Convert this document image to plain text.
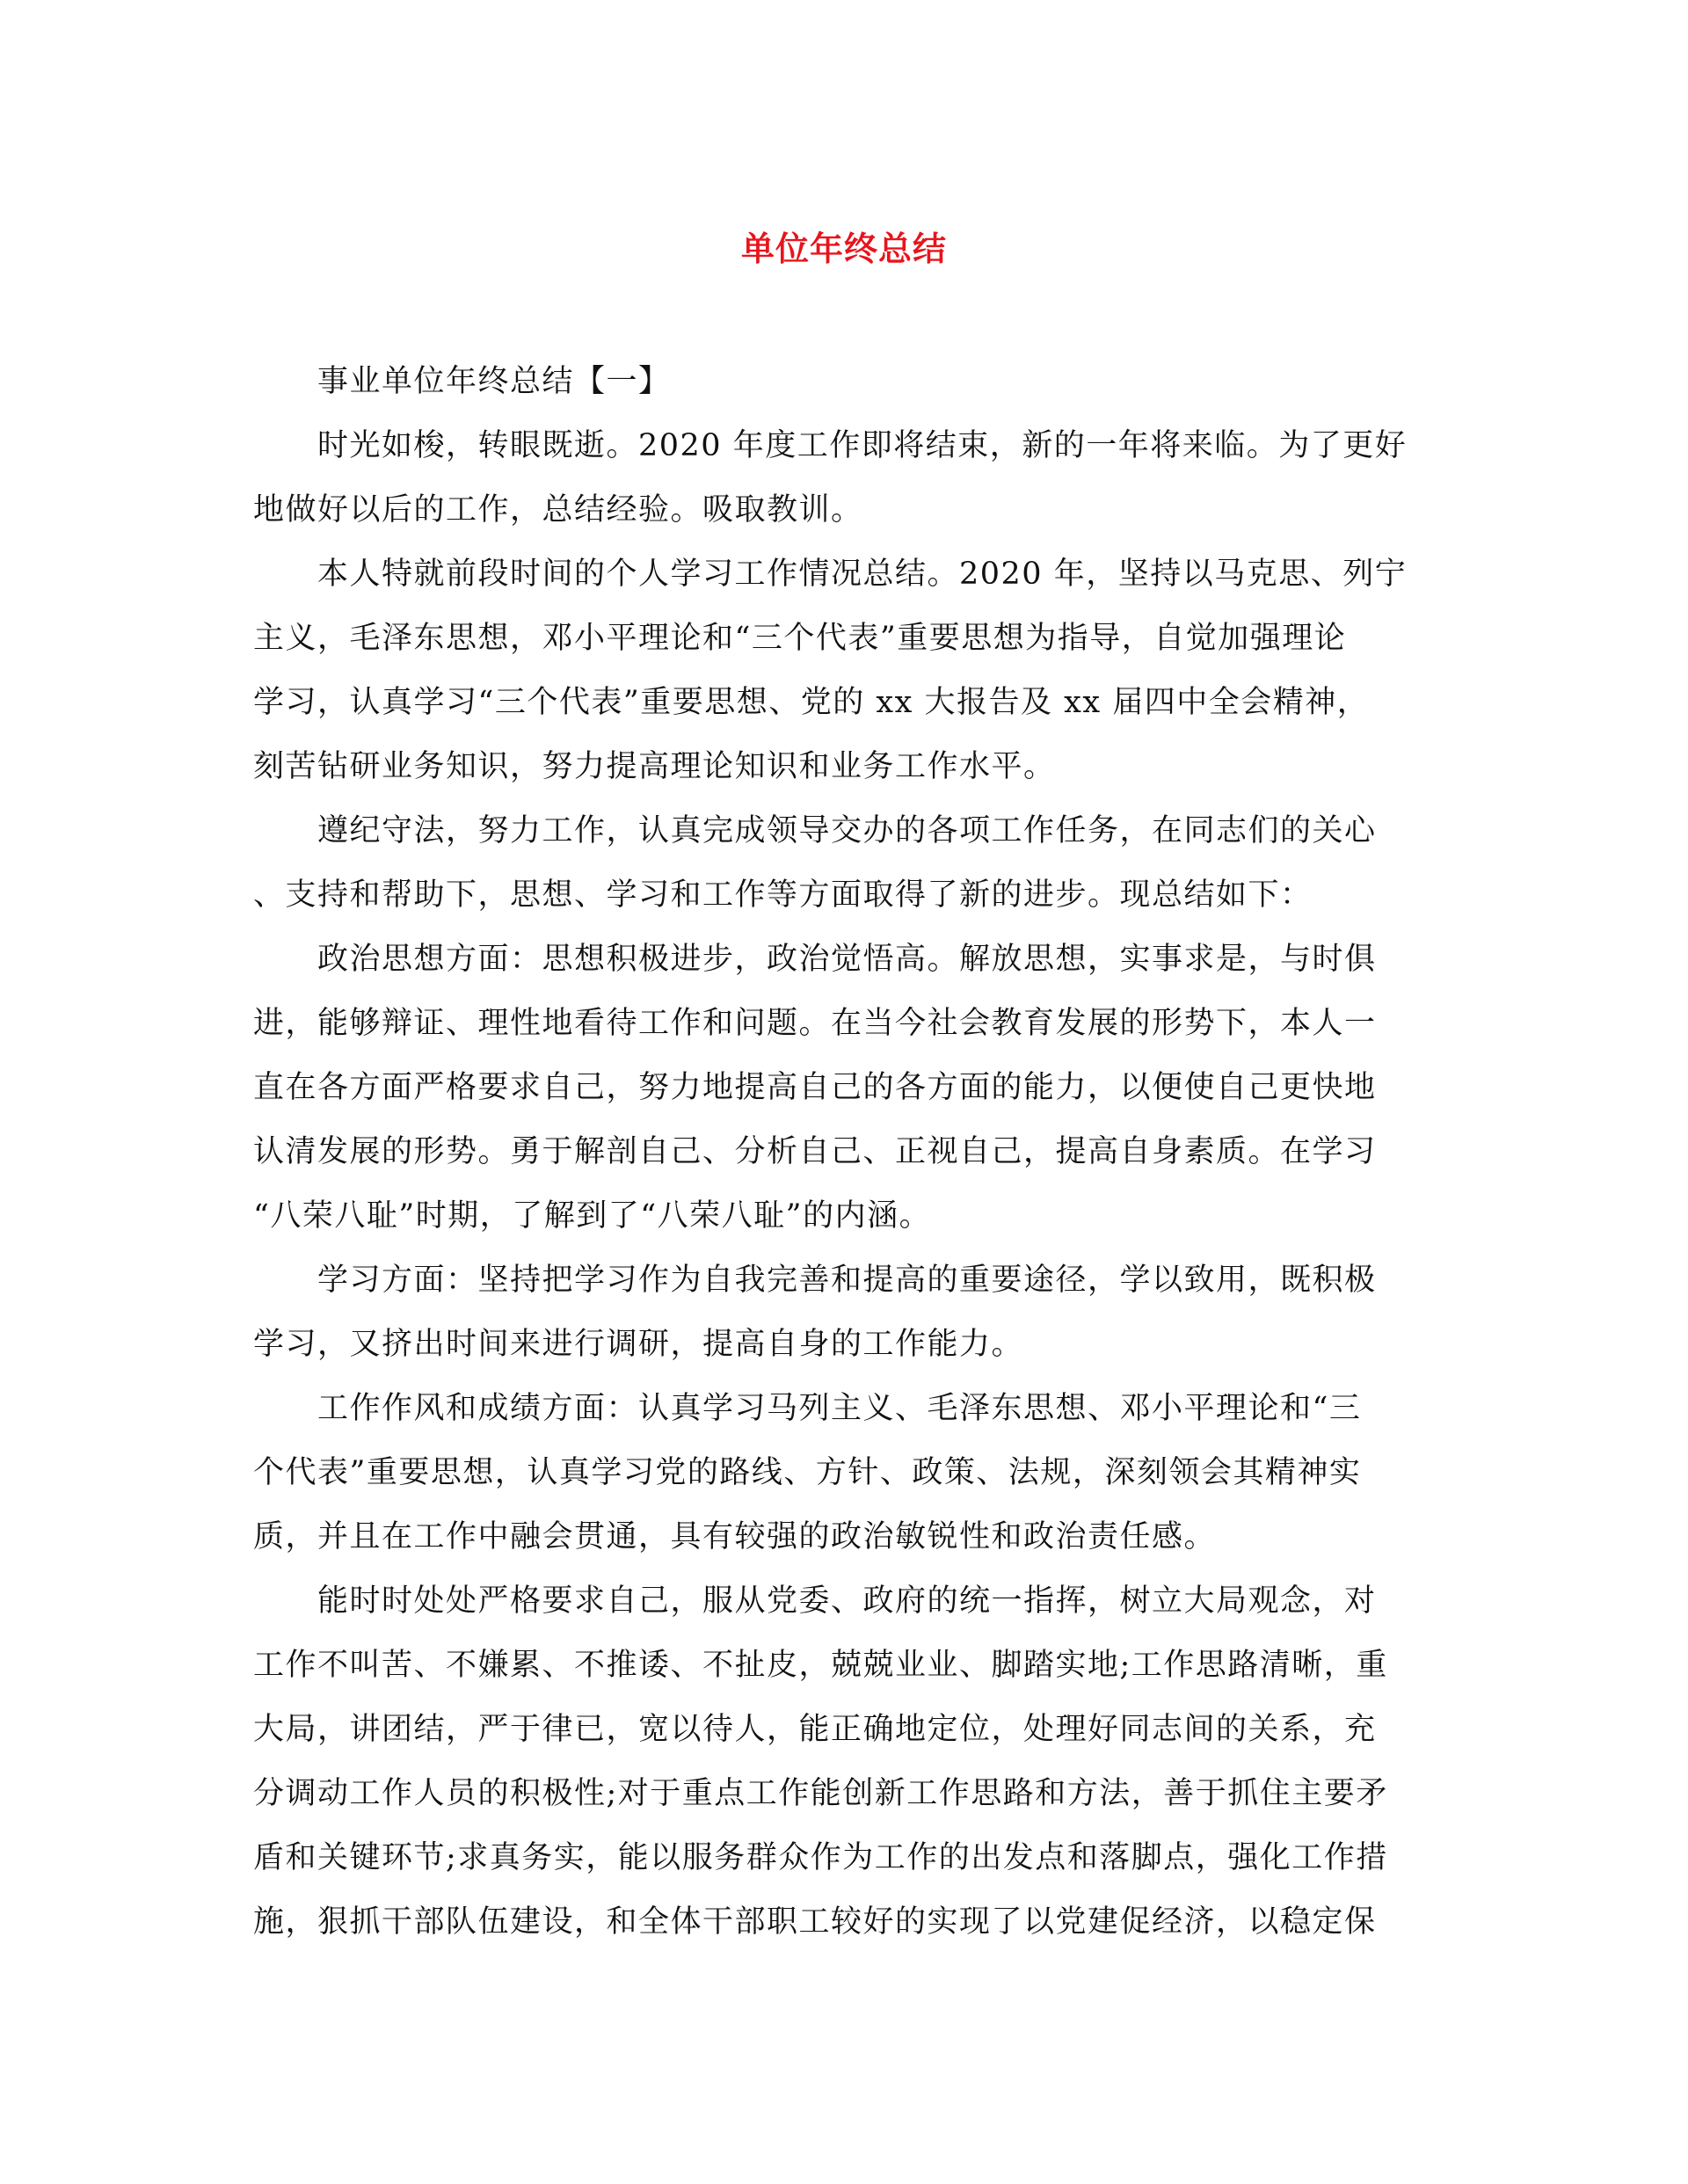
单位年终总结
事业单位年终总结【一】
时光如梭，转眼既逝。2020 年度工作即将结束，新的一年将来临。为了更好
地做好以后的工作，总结经验。吸取教训。
本人特就前段时间的个人学习工作情况总结。2020 年，坚持以马克思、列宁
主义，毛泽东思想，邓小平理论和“三个代表”重要思想为指导，自觉加强理论
学习，认真学习“三个代表”重要思想、党的 xx 大报告及 xx 届四中全会精神，
刻苦钻研业务知识，努力提高理论知识和业务工作水平。
遵纪守法，努力工作，认真完成领导交办的各项工作任务，在同志们的关心
、支持和帮助下，思想、学习和工作等方面取得了新的进步。现总结如下：
政治思想方面：思想积极进步，政治觉悟高。解放思想，实事求是，与时俱
进，能够辩证、理性地看待工作和问题。在当今社会教育发展的形势下，本人一
直在各方面严格要求自己，努力地提高自己的各方面的能力，以便使自己更快地
认清发展的形势。勇于解剖自己、分析自己、正视自己，提高自身素质。在学习
“八荣八耻”时期，了解到了“八荣八耻”的内涵。
学习方面：坚持把学习作为自我完善和提高的重要途径，学以致用，既积极
学习，又挤出时间来进行调研，提高自身的工作能力。
工作作风和成绩方面：认真学习马列主义、毛泽东思想、邓小平理论和“三
个代表”重要思想，认真学习党的路线、方针、政策、法规，深刻领会其精神实
质，并且在工作中融会贯通，具有较强的政治敏锐性和政治责任感。
能时时处处严格要求自己，服从党委、政府的统一指挥，树立大局观念，对
工作不叫苦、不嫌累、不推诿、不扯皮，兢兢业业、脚踏实地;工作思路清晰，重
大局，讲团结，严于律已，宽以待人，能正确地定位，处理好同志间的关系，充
分调动工作人员的积极性;对于重点工作能创新工作思路和方法，善于抓住主要矛
盾和关键环节;求真务实，能以服务群众作为工作的出发点和落脚点，强化工作措
施，狠抓干部队伍建设，和全体干部职工较好的实现了以党建促经济，以稳定保
